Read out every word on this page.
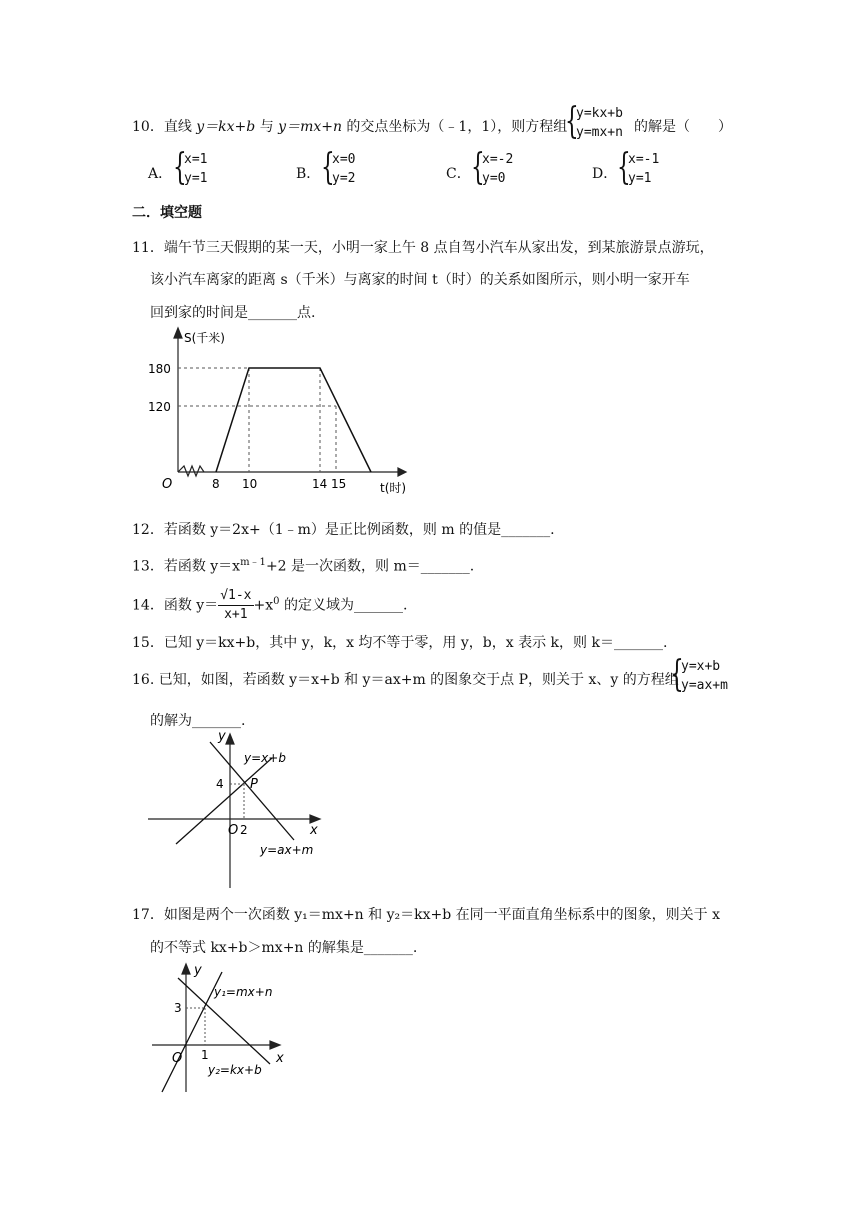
10．直线 y＝kx+b 与 y＝mx+n 的交点坐标为（﹣1，1），则方程组
{
y=kx+b
y=mx+n 的解是（　　）
A． {
x=1
y=1	B． {
x=0
y=2	C． {
x=-2
y=0	D． {
x=-1
y=1
二．填空题
11．端午节三天假期的某一天，小明一家上午 8 点自驾小汽车从家出发，到某旅游景点游玩，
该小汽车离家的距离 s（千米）与离家的时间 t（时）的关系如图所示，则小明一家开车
回到家的时间是_______点.
S(千米)
t(时)
O
180
120
8 10	14 15
12．若函数 y＝2x+（1﹣m）是正比例函数，则 m 的值是_______.
13．若函数 $y=x^{m﹣1}+2$ 是一次函数，则 m＝_______.
14．函数 $y= \frac{√1-x}{x+1} +x^0$ 的定义域为_______.
15．已知 y＝kx+b，其中 y，k，x 均不等于零，用 y，b，x 表示 k，则 k＝_______.
16. 已知，如图，若函数 y＝x+b 和 y＝ax+m 的图象交于点 P，则关于 x、y 的方程组
{
y=x+b
y=ax+m
的解为_______.
y
x
O 2
4 P
y=x+b
y=ax+m
17．如图是两个一次函数 y₁＝mx+n 和 y₂＝kx+b 在同一平面直角坐标系中的图象，则关于 x
的不等式 kx+b＞mx+n 的解集是_______.
y
x
O 1
3
y₁=mx+n
y₂=kx+b
